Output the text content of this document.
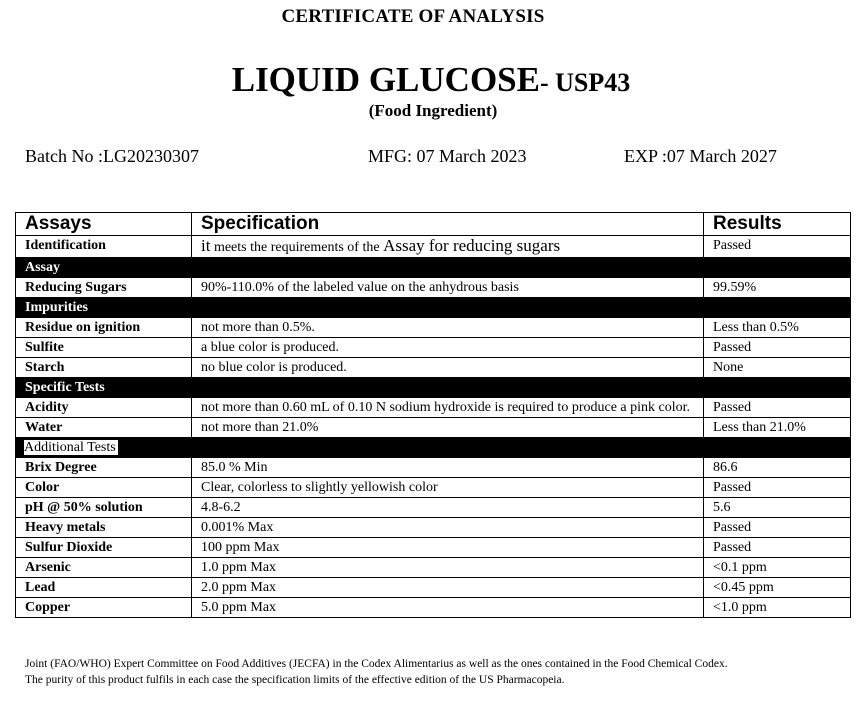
CERTIFICATE OF ANALYSIS
LIQUID GLUCOSE- USP43
(Food Ingredient)
Batch No :LG20230307	MFG: 07 March 2023	EXP :07 March 2027
Assays	Specification	Results
Identification	it meets the requirements of the Assay for reducing sugars	Passed
Assay		
Reducing Sugars	90%-110.0% of the labeled value on the anhydrous basis	99.59%
Impurities		
Residue on ignition	not more than 0.5%.	Less than 0.5%
Sulfite	a blue color is produced.	Passed
Starch	no blue color is produced.	None
Specific Tests		
Acidity	not more than 0.60 mL of 0.10 N sodium hydroxide is required to produce a pink color.	Passed
Water	not more than 21.0%	Less than 21.0%
Additional Tests		
Brix Degree	85.0 % Min	86.6
Color	Clear, colorless to slightly yellowish color	Passed
pH @ 50% solution	4.8-6.2	5.6
Heavy metals	0.001% Max	Passed
Sulfur Dioxide	100 ppm Max	Passed
Arsenic	1.0 ppm Max	<0.1 ppm
Lead	2.0 ppm Max	<0.45 ppm
Copper	5.0 ppm Max	<1.0 ppm
Joint (FAO/WHO) Expert Committee on Food Additives (JECFA) in the Codex Alimentarius as well as the ones contained in the Food Chemical Codex.
The purity of this product fulfils in each case the specification limits of the effective edition of the US Pharmacopeia.
